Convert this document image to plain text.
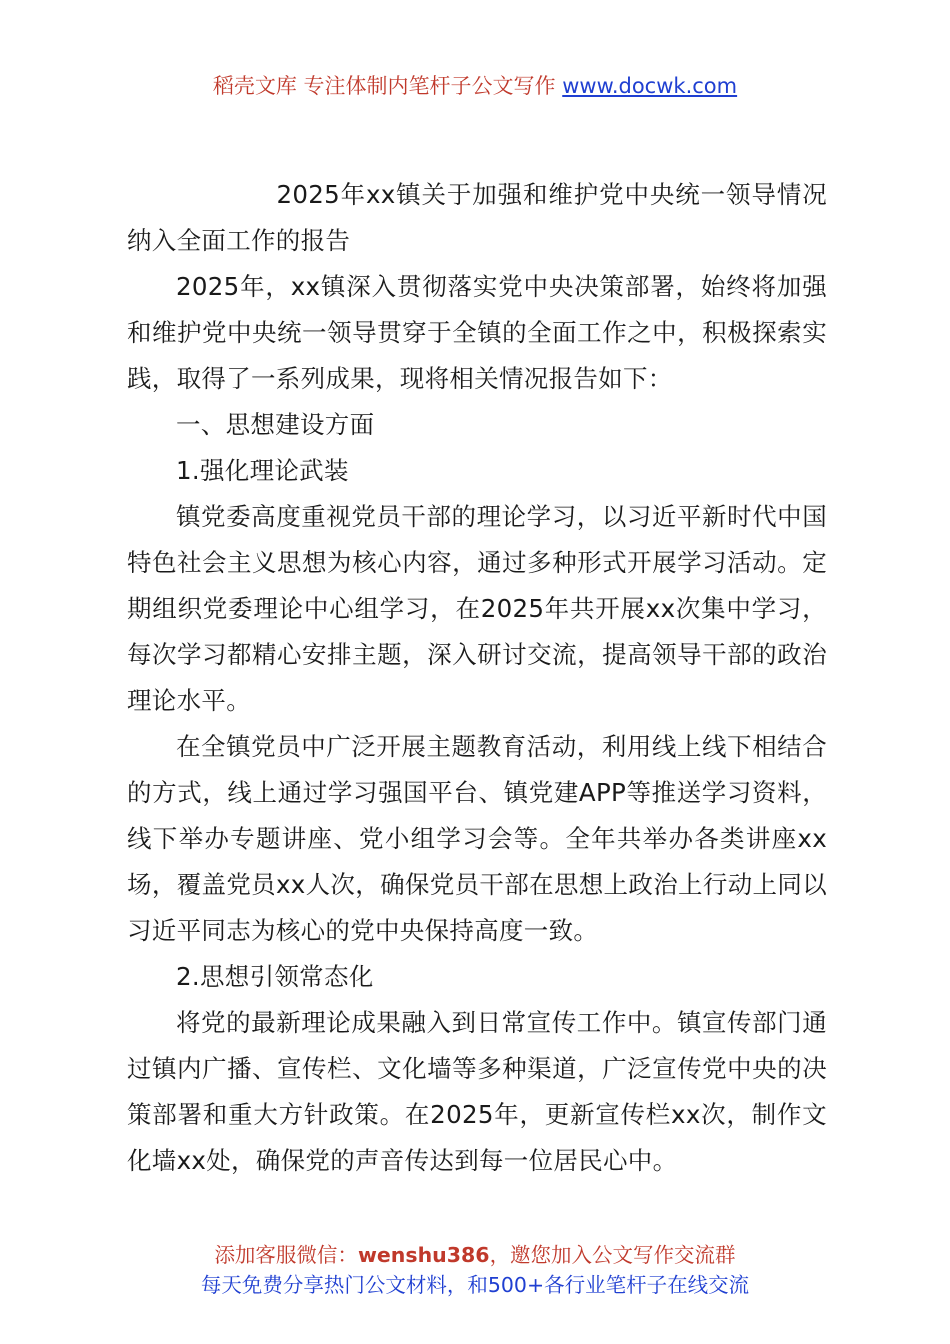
稻壳文库 专注体制内笔杆子公文写作 www.docwk.com

2025年xx镇关于加强和维护党中央统一领导情况纳入全面工作的报告

2025年，xx镇深入贯彻落实党中央决策部署，始终将加强和维护党中央统一领导贯穿于全镇的全面工作之中，积极探索实践，取得了一系列成果，现将相关情况报告如下：

一、思想建设方面

1.强化理论武装

镇党委高度重视党员干部的理论学习，以习近平新时代中国特色社会主义思想为核心内容，通过多种形式开展学习活动。定期组织党委理论中心组学习，在2025年共开展xx次集中学习，每次学习都精心安排主题，深入研讨交流，提高领导干部的政治理论水平。

在全镇党员中广泛开展主题教育活动，利用线上线下相结合的方式，线上通过学习强国平台、镇党建APP等推送学习资料，线下举办专题讲座、党小组学习会等。全年共举办各类讲座xx场，覆盖党员xx人次，确保党员干部在思想上政治上行动上同以习近平同志为核心的党中央保持高度一致。

2.思想引领常态化

将党的最新理论成果融入到日常宣传工作中。镇宣传部门通过镇内广播、宣传栏、文化墙等多种渠道，广泛宣传党中央的决策部署和重大方针政策。在2025年，更新宣传栏xx次，制作文化墙xx处，确保党的声音传达到每一位居民心中。

添加客服微信：wenshu386，邀您加入公文写作交流群
每天免费分享热门公文材料，和500+各行业笔杆子在线交流
